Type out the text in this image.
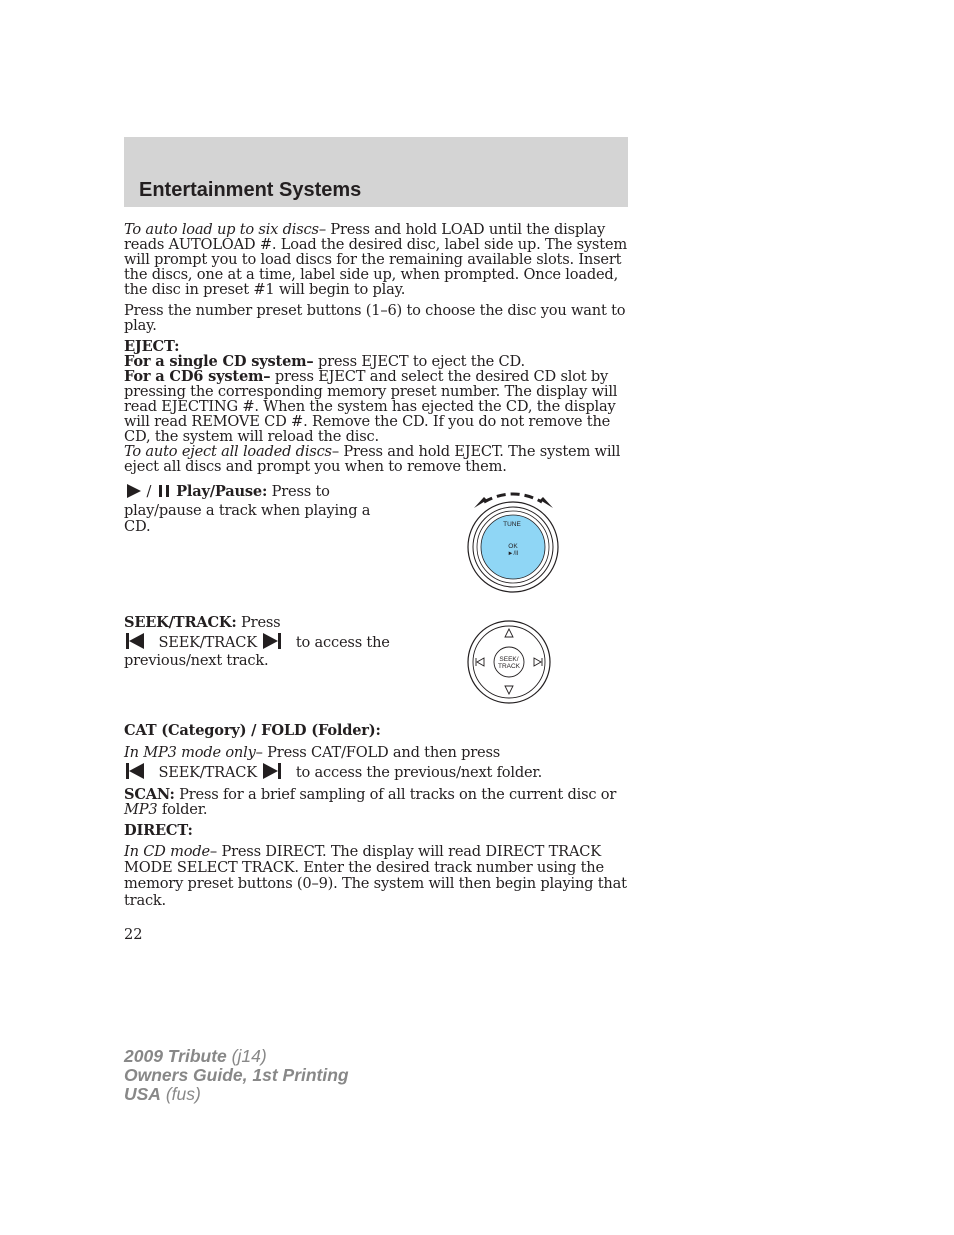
Entertainment Systems

To auto load up to six discs– Press and hold LOAD until the display reads AUTOLOAD #. Load the desired disc, label side up. The system will prompt you to load discs for the remaining available slots. Insert the discs, one at a time, label side up, when prompted. Once loaded, the disc in preset #1 will begin to play.

Press the number preset buttons (1–6) to choose the disc you want to play.

EJECT:
For a single CD system– press EJECT to eject the CD.
For a CD6 system– press EJECT and select the desired CD slot by pressing the corresponding memory preset number. The display will read EJECTING #. When the system has ejected the CD, the display will read REMOVE CD #. Remove the CD. If you do not remove the CD, the system will reload the disc.
To auto eject all loaded discs– Press and hold EJECT. The system will eject all discs and prompt you when to remove them.
/ Play/Pause: Press to
play/pause a track when playing a
CD.	TUNE
OK
►/II
SEEK/TRACK: Press
SEEK/TRACK	to access the
previous/next track.	SEEK/
TRACK
CAT (Category) / FOLD (Folder):
In MP3 mode only– Press CAT/FOLD and then press
SEEK/TRACK	to access the previous/next folder.

SCAN: Press for a brief sampling of all tracks on the current disc or MP3 folder.

DIRECT:

In CD mode– Press DIRECT. The display will read DIRECT TRACK MODE SELECT TRACK. Enter the desired track number using the memory preset buttons (0–9). The system will then begin playing that track.

22
2009 Tribute (j14)
Owners Guide, 1st Printing
USA (fus)
